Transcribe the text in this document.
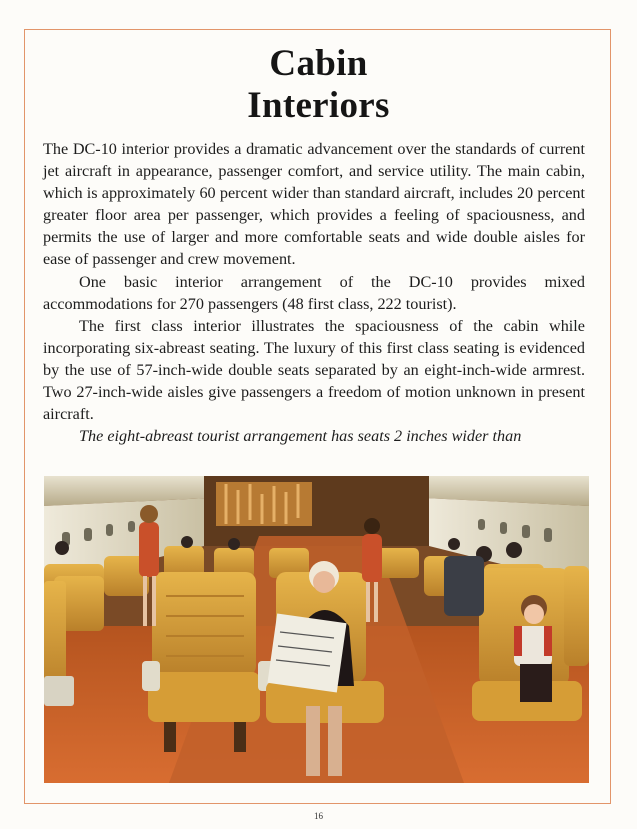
Cabin
Interiors

The DC-10 interior provides a dramatic advancement over the standards of current jet aircraft in appearance, passenger comfort, and service utility. The main cabin, which is approximately 60 percent wider than standard aircraft, includes 20 percent greater floor area per passenger, which provides a feeling of spaciousness, and permits the use of larger and more comfortable seats and wide double aisles for ease of passenger and crew movement.

One basic interior arrangement of the DC-10 provides mixed accommodations for 270 passengers (48 first class, 222 tourist).

The first class interior illustrates the spaciousness of the cabin while incorporating six-abreast seating. The luxury of this first class seating is evidenced by the use of 57-inch-wide double seats separated by an eight-inch-wide armrest. Two 27-inch-wide aisles give passengers a freedom of motion unknown in present aircraft.

The eight-abreast tourist arrangement has seats 2 inches wider than

16
